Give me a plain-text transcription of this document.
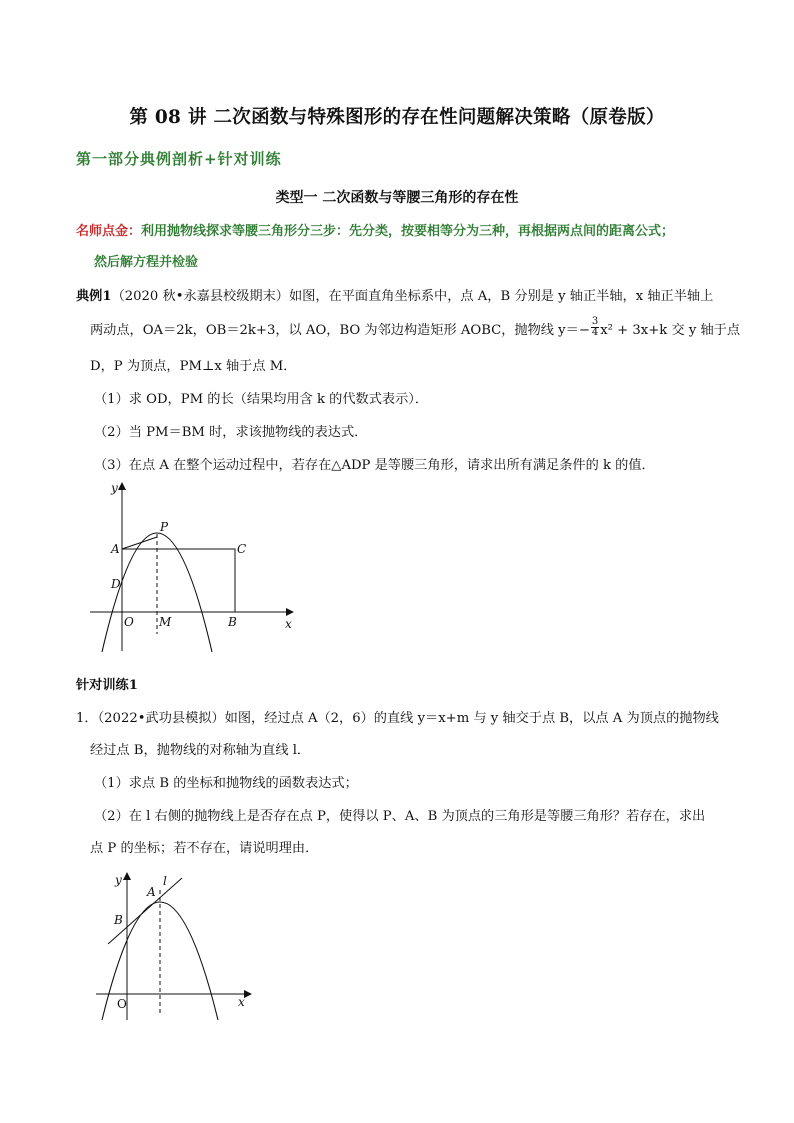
第 08 讲 二次函数与特殊图形的存在性问题解决策略（原卷版）
第一部分典例剖析+针对训练
类型一 二次函数与等腰三角形的存在性
名师点金：利用抛物线探求等腰三角形分三步：先分类，按要相等分为三种，再根据两点间的距离公式；
然后解方程并检验
典例1（2020 秋•永嘉县校级期末）如图，在平面直角坐标系中，点 A，B 分别是 y 轴正半轴，x 轴正半轴上
两动点，OA＝2k，OB＝2k+3，以 AO，BO 为邻边构造矩形 AOBC，抛物线 $y=- \frac{3}{4} x^2 + 3x+k$ 交 y 轴于点
D，P 为顶点，PM⊥x 轴于点 M．
（1）求 OD，PM 的长（结果均用含 k 的代数式表示）．
（2）当 PM＝BM 时，求该抛物线的表达式．
（3）在点 A 在整个运动过程中，若存在△ADP 是等腰三角形，请求出所有满足条件的 k 的值．
y
x
O M	B
A	C
D
P
针对训练1
1．（2022•武功县模拟）如图，经过点 A（2，6）的直线 y＝x+m 与 y 轴交于点 B，以点 A 为顶点的抛物线
经过点 B，抛物线的对称轴为直线 l．
（1）求点 B 的坐标和抛物线的函数表达式；
（2）在 l 右侧的抛物线上是否存在点 P，使得以 P、A、B 为顶点的三角形是等腰三角形？若存在，求出
点 P 的坐标；若不存在，请说明理由．
y
x
O
B
A
l
